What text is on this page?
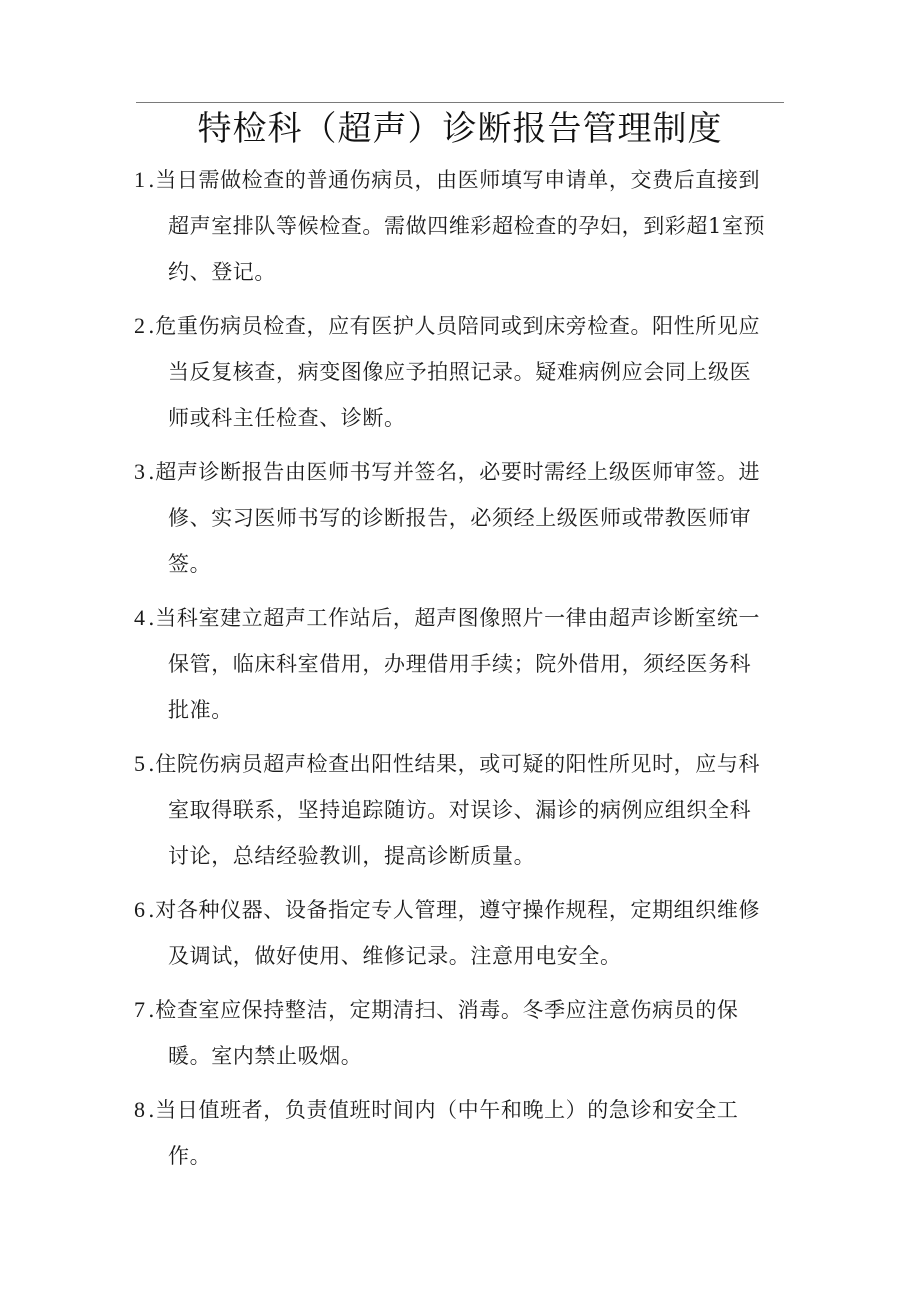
特检科（超声）诊断报告管理制度
1 .当日需做检查的普通伤病员，由医师填写申请单，交费后直接到超声室排队等候检查。需做四维彩超检查的孕妇，到彩超1室预约、登记。
2 .危重伤病员检查，应有医护人员陪同或到床旁检查。阳性所见应当反复核查，病变图像应予拍照记录。疑难病例应会同上级医师或科主任检查、诊断。
3 .超声诊断报告由医师书写并签名，必要时需经上级医师审签。进修、实习医师书写的诊断报告，必须经上级医师或带教医师审签。
4 .当科室建立超声工作站后，超声图像照片一律由超声诊断室统一保管，临床科室借用，办理借用手续；院外借用，须经医务科批准。
5 .住院伤病员超声检查出阳性结果，或可疑的阳性所见时，应与科室取得联系，坚持追踪随访。对误诊、漏诊的病例应组织全科讨论，总结经验教训，提高诊断质量。
6 .对各种仪器、设备指定专人管理，遵守操作规程，定期组织维修及调试，做好使用、维修记录。注意用电安全。
7 .检查室应保持整洁，定期清扫、消毒。冬季应注意伤病员的保暖。室内禁止吸烟。
8 .当日值班者，负责值班时间内（中午和晚上）的急诊和安全工作。
